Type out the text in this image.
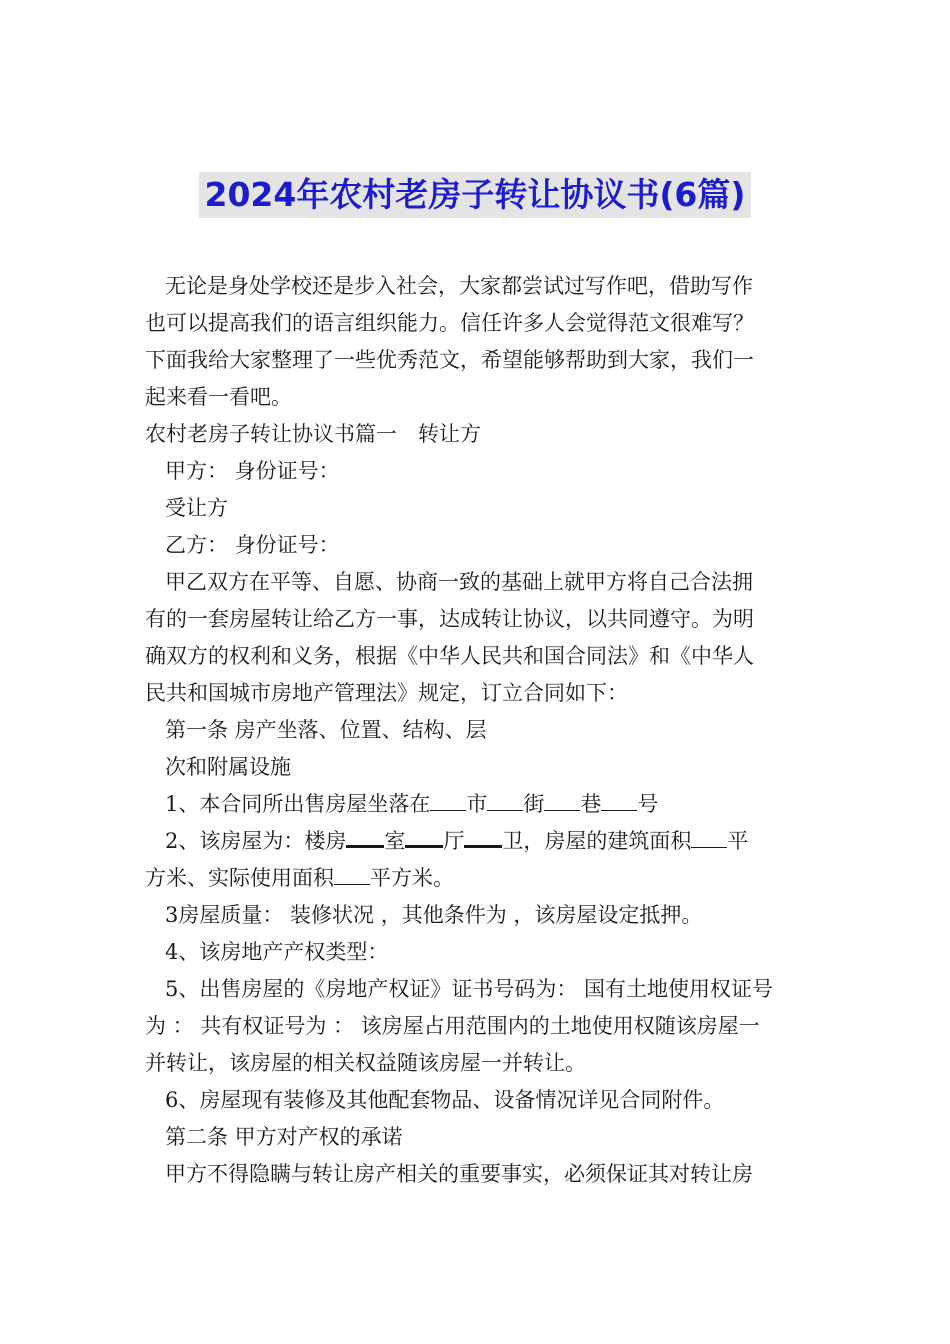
2024年农村老房子转让协议书(6篇)
无论是身处学校还是步入社会，大家都尝试过写作吧，借助写作
也可以提高我们的语言组织能力。信任许多人会觉得范文很难写？
下面我给大家整理了一些优秀范文，希望能够帮助到大家，我们一
起来看一看吧。
农村老房子转让协议书篇一　转让方
甲方： 身份证号：
受让方
乙方： 身份证号：
甲乙双方在平等、自愿、协商一致的基础上就甲方将自己合法拥
有的一套房屋转让给乙方一事，达成转让协议，以共同遵守。为明
确双方的权利和义务，根据《中华人民共和国合同法》和《中华人
民共和国城市房地产管理法》规定，订立合同如下：
第一条 房产坐落、位置、结构、层
次和附属设施
1、本合同所出售房屋坐落在 市 街 巷 号
2、该房屋为：楼房 室 厅 卫，房屋的建筑面积 平
方米、实际使用面积 平方米。
3房屋质量： 装修状况 ，其他条件为 ，该房屋设定抵押。
4、该房地产产权类型：
5、出售房屋的《房地产权证》证书号码为： 国有土地使用权证号
为 ： 共有权证号为 ： 该房屋占用范围内的土地使用权随该房屋一
并转让，该房屋的相关权益随该房屋一并转让。
6、房屋现有装修及其他配套物品、设备情况详见合同附件。
第二条 甲方对产权的承诺
甲方不得隐瞒与转让房产相关的重要事实，必须保证其对转让房
